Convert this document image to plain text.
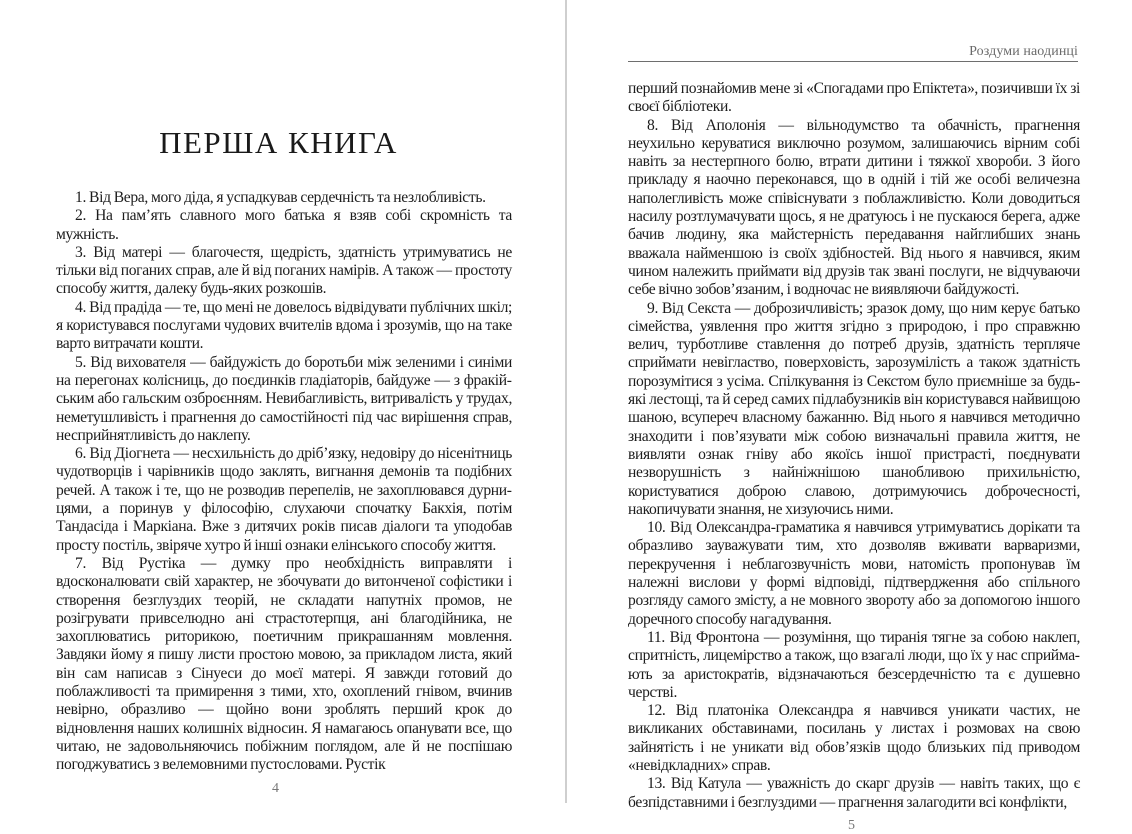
ПЕРША КНИГА

1. Від Вера, мого діда, я успадкував сердечність та незлобливість.

2. На пам’ять славного мого батька я взяв собі скромність та мужність.

3. Від матері — благочестя, щедрість, здатність утримуватись не тільки від поганих справ, але й від поганих намірів. А також — простоту способу життя, далеку будь-яких розкошів.

4. Від прадіда — те, що мені не довелось відвідувати публічних шкіл; я користувався послугами чудових вчителів вдома і зрозумів, що на таке варто витрачати кошти.

5. Від вихователя — байдужість до боротьби між зеленими і синіми на перегонах колісниць, до поєдинків гладіаторів, байдуже — з фракійським або гальским озброєнням. Невибагливість, витривалість у трудах, неметушливість і прагнення до самостійності під час вирішення справ, несприйнятливість до наклепу.

6. Від Діогнета — несхильність до дріб’язку, недовіру до нісенітниць чудотворців і чарівників щодо заклять, вигнання демонів та подібних речей. А також і те, що не розводив перепелів, не захоплювався дурницями, а поринув у філософію, слухаючи спочатку Бакхія, потім Тандасіда і Маркіана. Вже з дитячих років писав діалоги та уподобав просту постіль, звіряче хутро й інші ознаки елінського способу життя.

7. Від Рустіка — думку про необхідність виправляти і вдосконалювати свій характер, не збочувати до витонченої софістики і створення безглуздих теорій, не складати напутніх промов, не розігрувати привселюдно ані страстотерпця, ані благодійника, не захоплюватись риторикою, поетичним прикрашанням мовлення. Завдяки йому я пишу листи простою мовою, за прикладом листа, який він сам написав з Сінуеси до моєї матері. Я завжди готовий до поблажливості та примирення з тими, хто, охоплений гнівом, вчинив невірно, образливо — щойно вони зроблять перший крок до відновлення наших колишніх відносин. Я намагаюсь опанувати все, що читаю, не задовольняючись побіжним поглядом, але й не поспішаю погоджуватись з велемовними пустословами. Рустік

4
Роздуми наодинці

перший познайомив мене зі «Спогадами про Епіктета», позичивши їх зі своєї бібліотеки.

8. Від Аполонія — вільнодумство та обачність, прагнення неухильно керуватися виключно розумом, залишаючись вірним собі навіть за нестерпного болю, втрати дитини і тяжкої хвороби. З його прикладу я наочно переконався, що в одній і тій же особі величезна наполегливість може співіснувати з поблажливістю. Коли доводиться насилу розтлумачувати щось, я не дратуюсь і не пускаюся берега, адже бачив людину, яка майстерність передавання найглибших знань вважала найменшою із своїх здібностей. Від нього я навчився, яким чином належить приймати від друзів так звані послуги, не відчуваючи себе вічно зобов’язаним, і водночас не виявляючи байдужості.

9. Від Секста — доброзичливість; зразок дому, що ним керує батько сімейства, уявлення про життя згідно з природою, і про справжню велич, турботливе ставлення до потреб друзів, здатність терпляче сприймати невігластво, поверховість, зарозумілість а також здатність порозумітися з усіма. Спілкування із Секстом було приємніше за будь-які лестощі, та й серед самих підлабузників він користувався найвищою шаною, всупереч власному бажанню. Від нього я навчився методично знаходити і пов’язувати між собою визначальні правила життя, не виявляти ознак гніву або якоїсь іншої пристрасті, поєднувати незворушність з найніжнішою шанобливою прихильністю, користуватися доброю славою, дотримуючись доброчесності, накопичувати знання, не хизуючись ними.

10. Від Олександра-граматика я навчився утримуватись дорікати та образливо зауважувати тим, хто дозволяв вживати варваризми, перекручення і неблагозвучність мови, натомість пропонував їм належні вислови у формі відповіді, підтвердження або спільного розгляду самого змісту, а не мовного звороту або за допомогою іншого доречного способу нагадування.

11. Від Фронтона — розуміння, що тиранія тягне за собою наклеп, спритність, лицемірство а також, що взагалі люди, що їх у нас сприймають за аристократів, відзначаються безсердечністю та є душевно черстві.

12. Від платоніка Олександра я навчився уникати частих, не викликаних обставинами, посилань у листах і розмовах на свою зайнятість і не уникати від обов’язків щодо близьких під приводом «невідкладних» справ.

13. Від Катула — уважність до скарг друзів — навіть таких, що є безпідставними і безглуздими — прагнення залагодити всі конфлікти,

5
